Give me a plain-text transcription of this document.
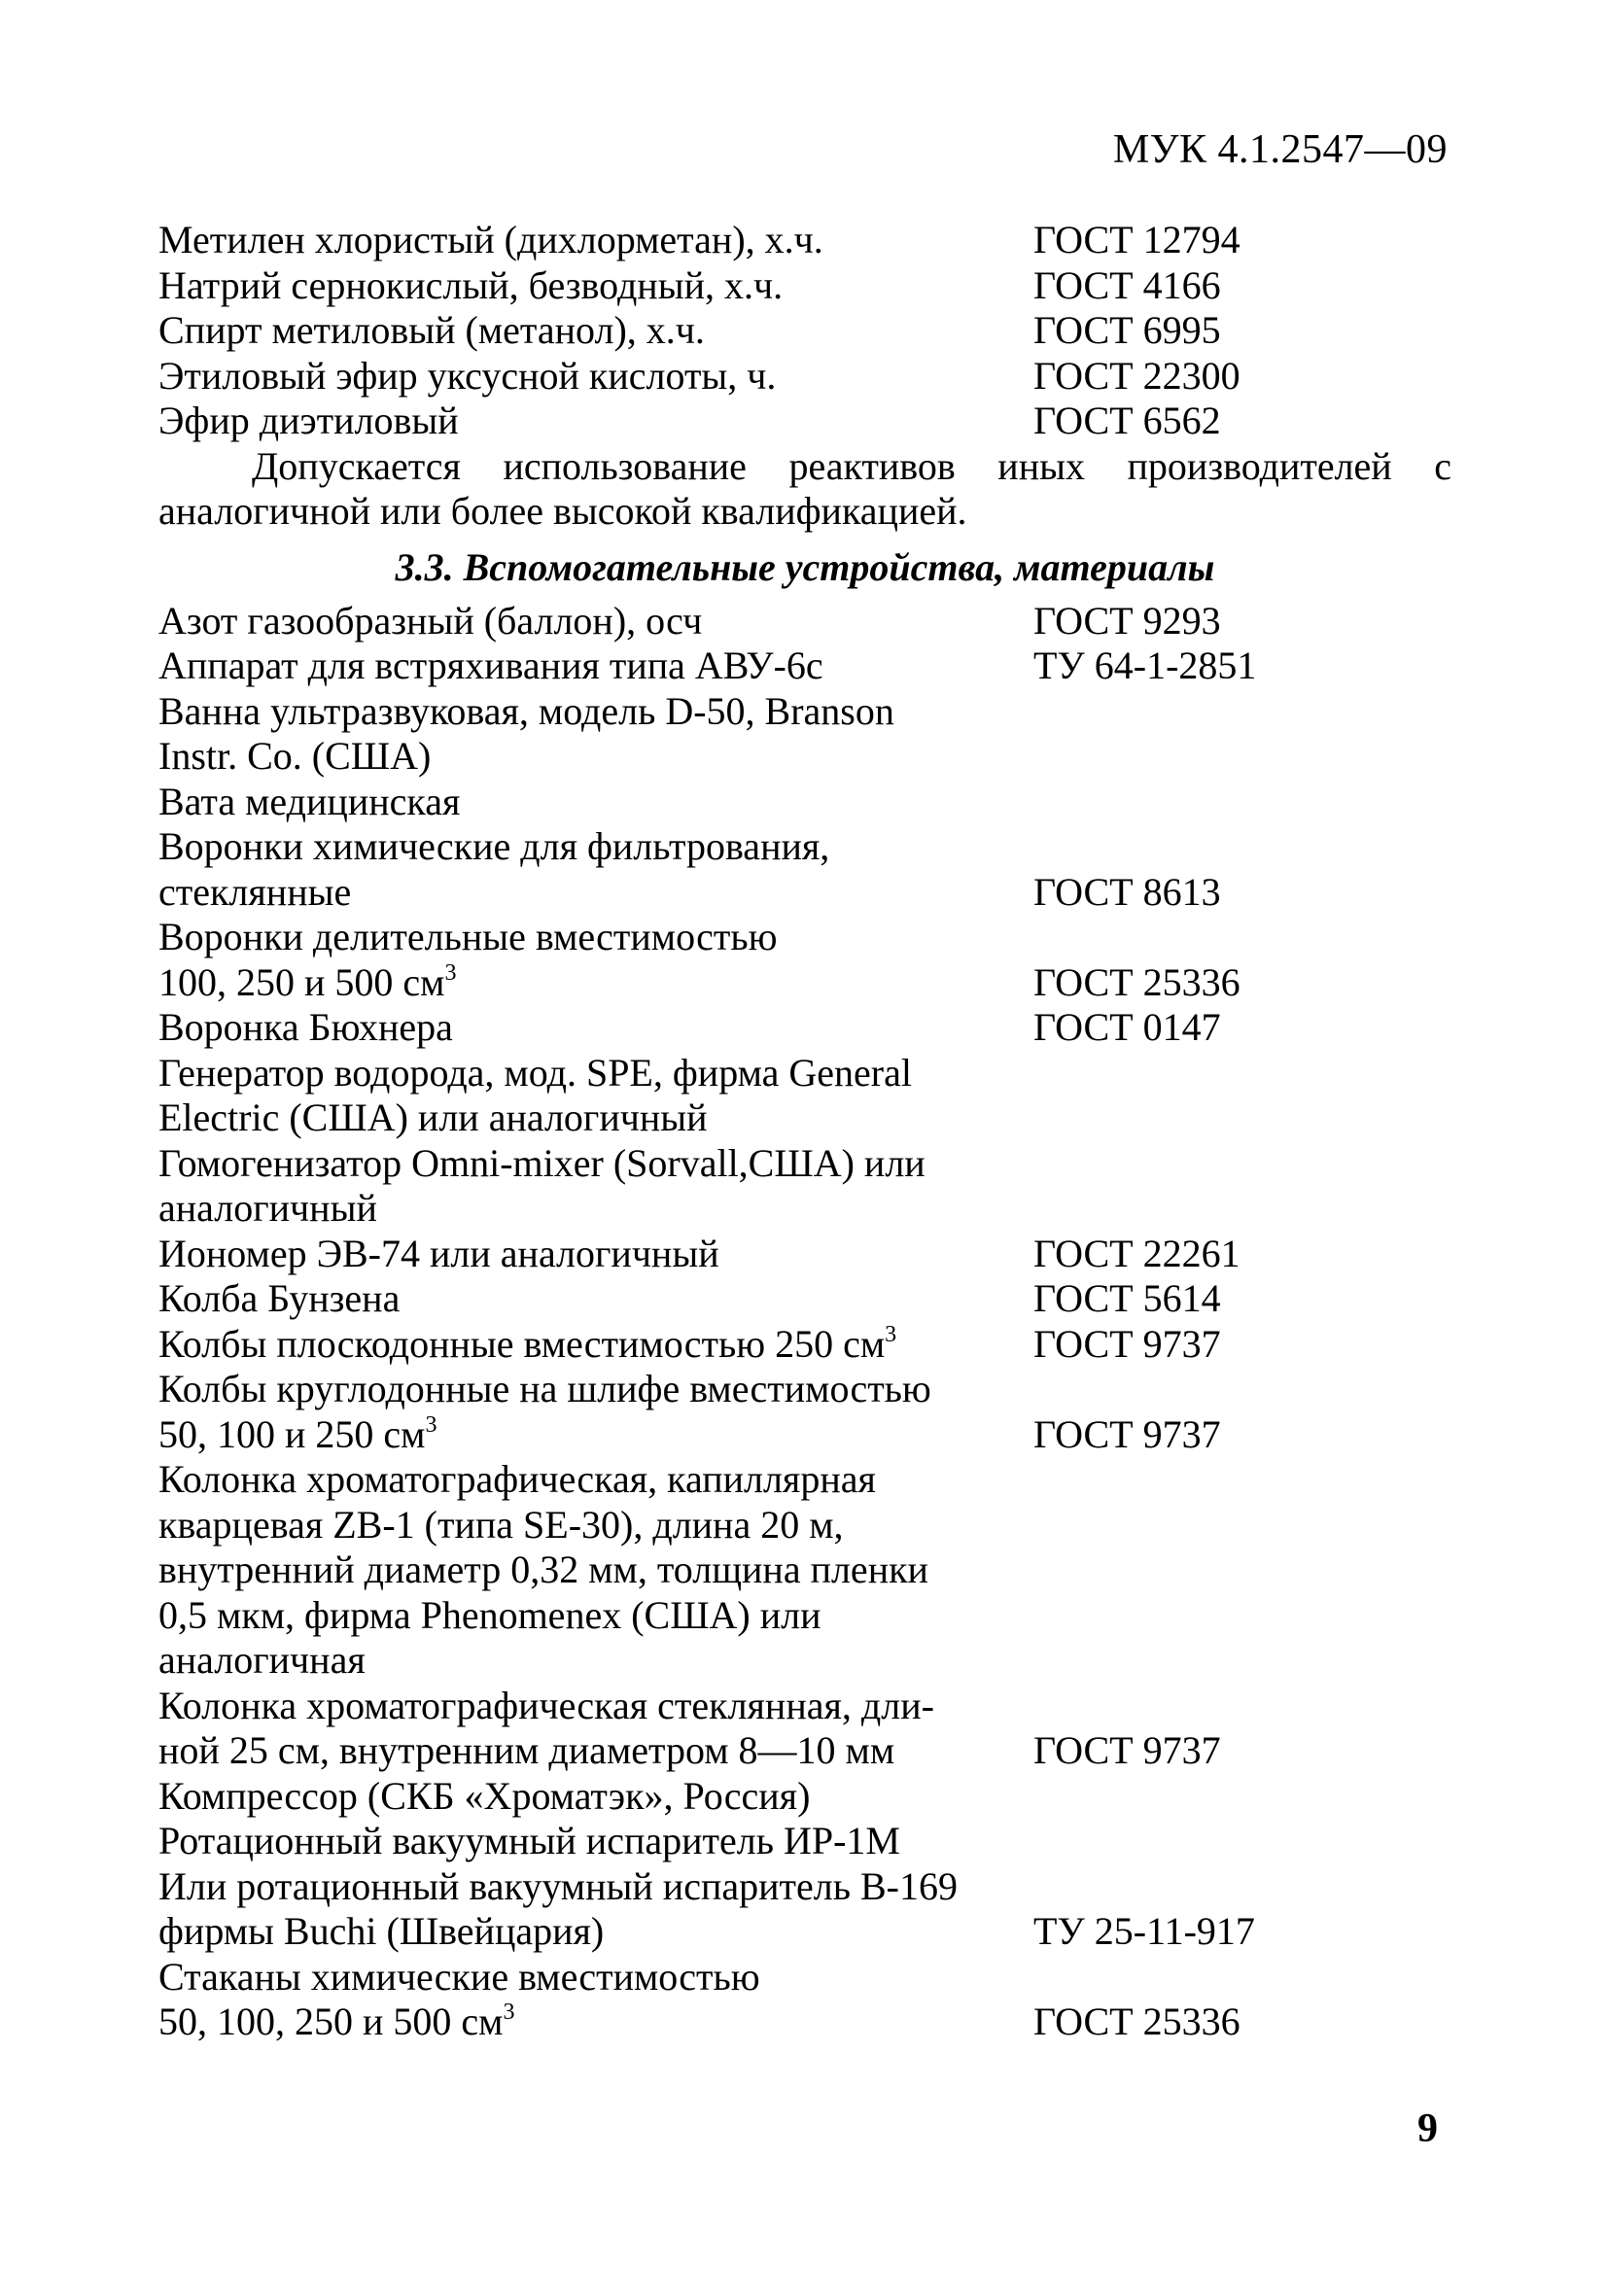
МУК 4.1.2547—09
Метилен хлористый (дихлорметан), х.ч.	ГОСТ 12794
Натрий сернокислый, безводный, х.ч.	ГОСТ 4166
Спирт метиловый (метанол), х.ч.	ГОСТ 6995
Этиловый эфир уксусной кислоты, ч.	ГОСТ 22300
Эфир диэтиловый	ГОСТ 6562

Допускается использование реактивов иных производителей с аналогичной или более высокой квалификацией.

3.3. Вспомогательные устройства, материалы
Азот газообразный (баллон), осч	ГОСТ 9293
Аппарат для встряхивания типа АВУ-6с	ТУ 64-1-2851
Ванна ультразвуковая, модель D-50, Branson
Instr. Co. (США)
Вата медицинская
Воронки химические для фильтрования,
стеклянные	ГОСТ 8613
Воронки делительные вместимостью
100, 250 и 500 $см^3$	ГОСТ 25336
Воронка Бюхнера	ГОСТ 0147
Генератор водорода, мод. SPE, фирма General
Electric (США) или аналогичный
Гомогенизатор Omni-mixer (Sorvall,США) или
аналогичный
Иономер ЭВ-74 или аналогичный	ГОСТ 22261
Колба Бунзена	ГОСТ 5614
Колбы плоскодонные вместимостью 250 $см^3$	ГОСТ 9737
Колбы круглодонные на шлифе вместимостью
50, 100 и 250 $см^3$	ГОСТ 9737
Колонка хроматографическая, капиллярная
кварцевая ZB-1 (типа SE-30), длина 20 м,
внутренний диаметр 0,32 мм, толщина пленки
0,5 мкм, фирма Phenomenex (США) или
аналогичная
Колонка хроматографическая стеклянная, дли-
ной 25 см, внутренним диаметром 8—10 мм	ГОСТ 9737
Компрессор (СКБ «Хроматэк», Россия)
Ротационный вакуумный испаритель ИР-1М
Или ротационный вакуумный испаритель В-169
фирмы Buchi (Швейцария)	ТУ 25-11-917
Стаканы химические вместимостью
50, 100, 250 и 500 $см^3$	ГОСТ 25336
9
